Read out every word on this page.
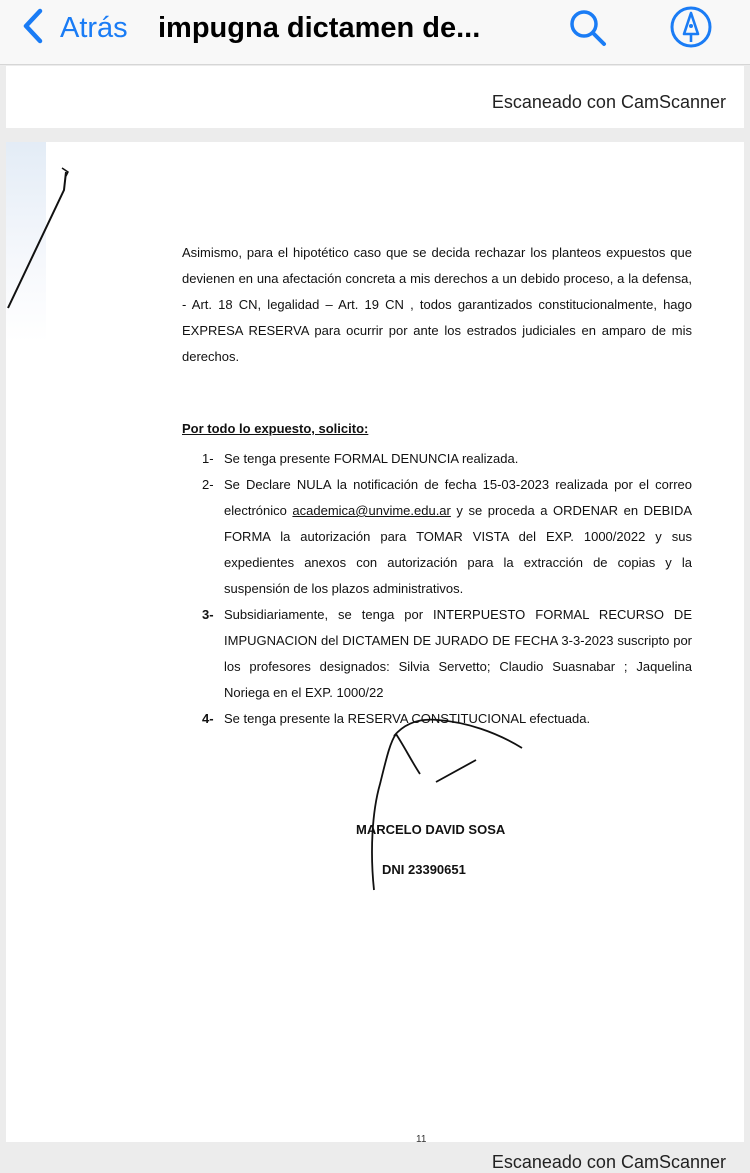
Atrás impugna dictamen de...
Escaneado con CamScanner

Asimismo, para el hipotético caso que se decida rechazar los planteos expuestos que devienen en una afectación concreta a mis derechos a un debido proceso, a la defensa, - Art. 18 CN, legalidad – Art. 19 CN , todos garantizados constitucionalmente, hago EXPRESA RESERVA para ocurrir por ante los estrados judiciales en amparo de mis derechos.

Por todo lo expuesto, solicito:
1- Se tenga presente FORMAL DENUNCIA realizada.
2- Se Declare NULA la notificación de fecha 15-03-2023 realizada por el correo electrónico academica@unvime.edu.ar y se proceda a ORDENAR en DEBIDA FORMA la autorización para TOMAR VISTA del EXP. 1000/2022 y sus expedientes anexos con autorización para la extracción de copias y la suspensión de los plazos administrativos.
3- Subsidiariamente, se tenga por INTERPUESTO FORMAL RECURSO DE IMPUGNACION del DICTAMEN DE JURADO DE FECHA 3-3-2023 suscripto por los profesores designados: Silvia Servetto; Claudio Suasnabar ; Jaquelina Noriega en el EXP. 1000/22
4- Se tenga presente la RESERVA CONSTITUCIONAL efectuada.
MARCELO DAVID SOSA
DNI 23390651
11
Escaneado con CamScanner
